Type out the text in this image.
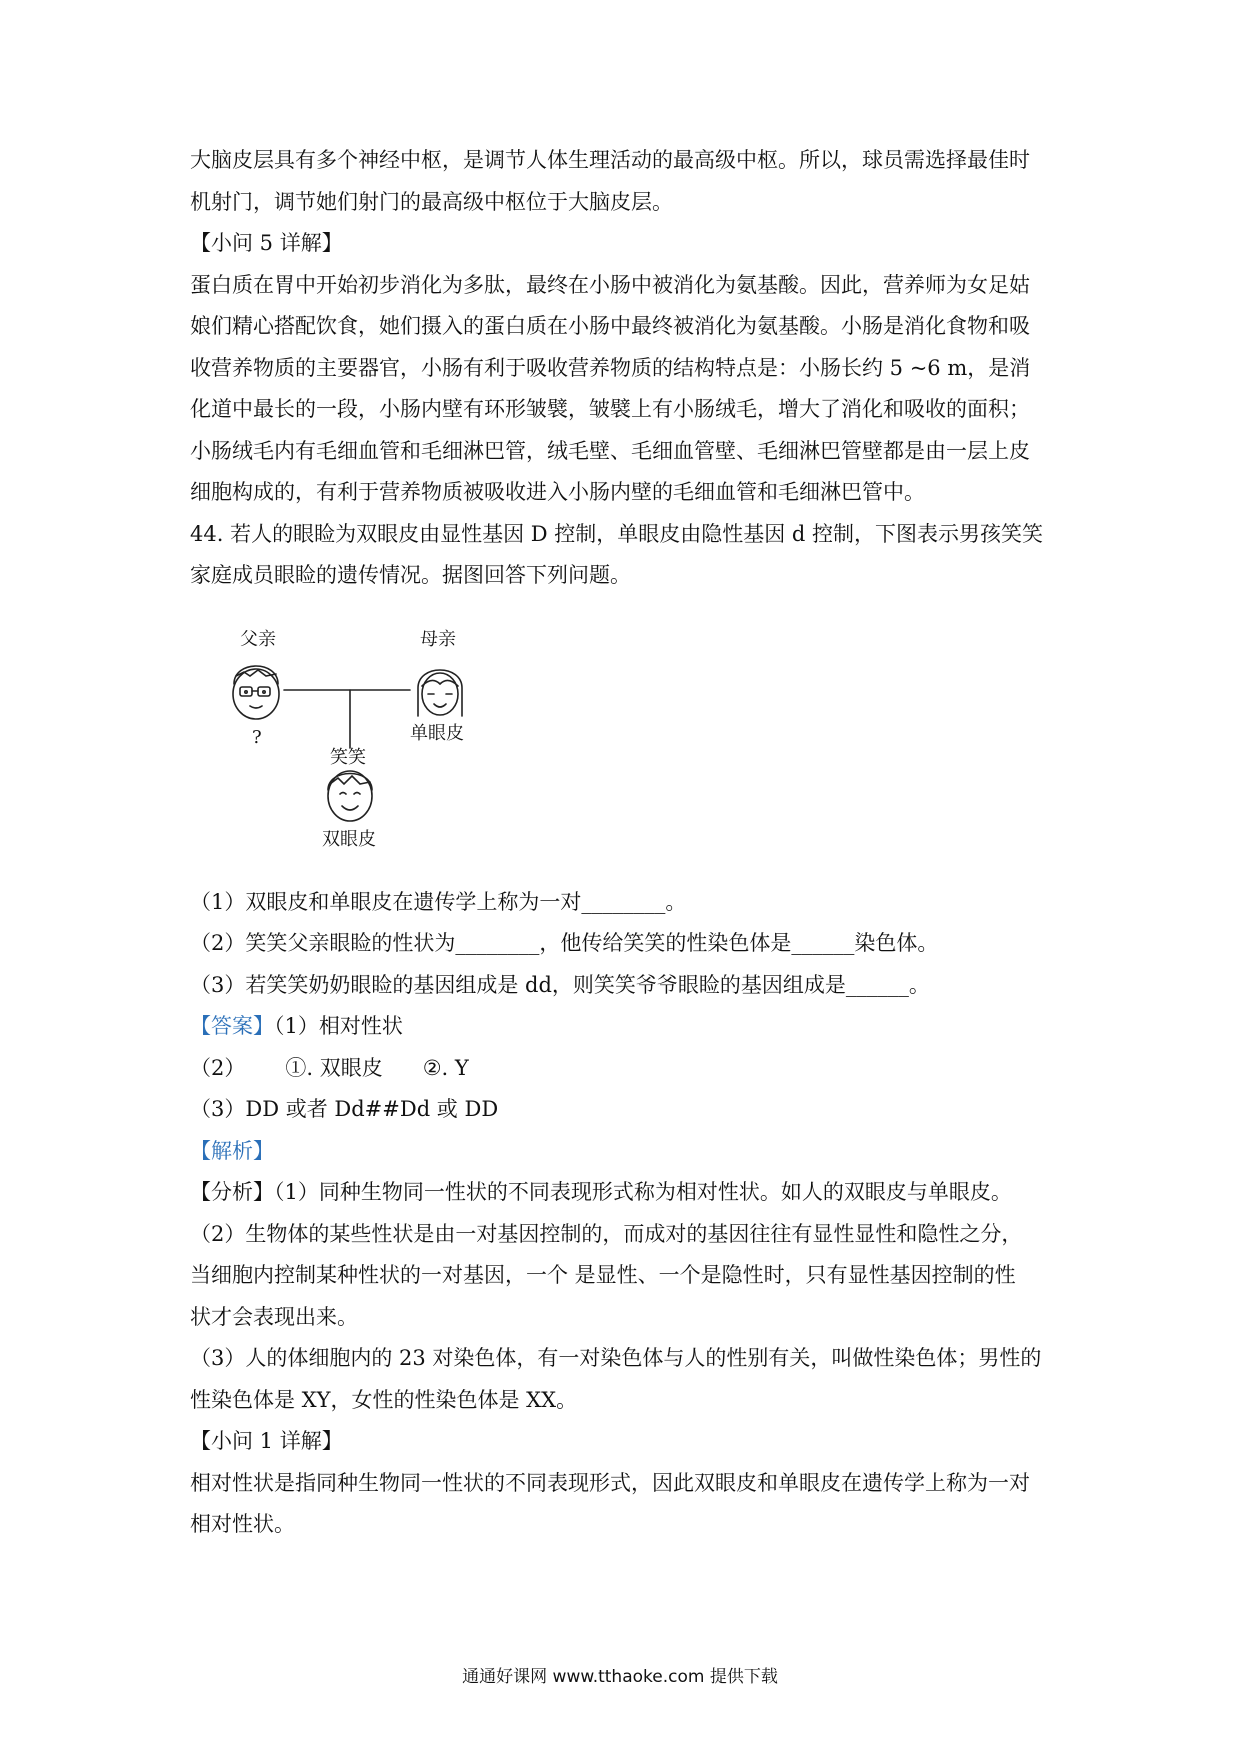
大脑皮层具有多个神经中枢，是调节人体生理活动的最高级中枢。所以，球员需选择最佳时

机射门，调节她们射门的最高级中枢位于大脑皮层。

【小问 5 详解】

蛋白质在胃中开始初步消化为多肽，最终在小肠中被消化为氨基酸。因此，营养师为女足姑

娘们精心搭配饮食，她们摄入的蛋白质在小肠中最终被消化为氨基酸。小肠是消化食物和吸

收营养物质的主要器官，小肠有利于吸收营养物质的结构特点是：小肠长约 5 ~6 m，是消

化道中最长的一段，小肠内壁有环形皱襞，皱襞上有小肠绒毛，增大了消化和吸收的面积；

小肠绒毛内有毛细血管和毛细淋巴管，绒毛壁、毛细血管壁、毛细淋巴管壁都是由一层上皮

细胞构成的，有利于营养物质被吸收进入小肠内壁的毛细血管和毛细淋巴管中。

44. 若人的眼睑为双眼皮由显性基因 D 控制，单眼皮由隐性基因 d 控制，下图表示男孩笑笑

家庭成员眼睑的遗传情况。据图回答下列问题。

父亲
?
母亲
单眼皮
笑笑
双眼皮

（1）双眼皮和单眼皮在遗传学上称为一对________。

（2）笑笑父亲眼睑的性状为________，他传给笑笑的性染色体是______染色体。

（3）若笑笑奶奶眼睑的基因组成是 dd，则笑笑爷爷眼睑的基因组成是______。

【答案】（1）相对性状

（2） ①. 双眼皮 ②. Y

（3）DD 或者 Dd##Dd 或 DD

【解析】

【分析】（1）同种生物同一性状的不同表现形式称为相对性状。如人的双眼皮与单眼皮。

（2）生物体的某些性状是由一对基因控制的，而成对的基因往往有显性显性和隐性之分，

当细胞内控制某种性状的一对基因，一个 是显性、一个是隐性时，只有显性基因控制的性

状才会表现出来。

（3）人的体细胞内的 23 对染色体，有一对染色体与人的性别有关，叫做性染色体；男性的

性染色体是 XY，女性的性染色体是 XX。

【小问 1 详解】

相对性状是指同种生物同一性状的不同表现形式，因此双眼皮和单眼皮在遗传学上称为一对

相对性状。

通通好课网 www.tthaoke.com 提供下载
